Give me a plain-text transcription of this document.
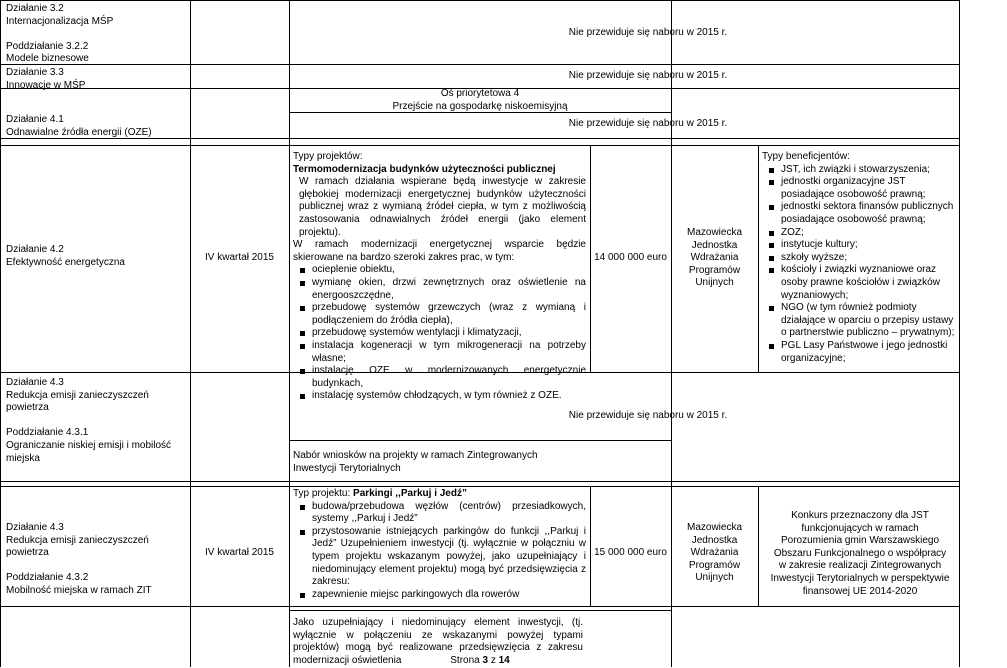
Działanie 3.2
Internacjonalizacja MŚP
Poddziałanie 3.2.2
Modele biznesowe
Nie przewiduje się naboru w 2015 r.
Działanie 3.3
Innowacje w MŚP
Nie przewiduje się naboru w 2015 r.
Oś priorytetowa 4
Przejście na gospodarkę niskoemisyjną
Działanie 4.1
Odnawialne źródła energii (OZE)
Nie przewiduje się naboru w 2015 r.
Działanie 4.2
Efektywność energetyczna	IV kwartał 2015
Typy projektów:
Termomodernizacja budynków użyteczności publicznej
W ramach działania wspierane będą inwestycje w zakresie głębokiej modernizacji energetycznej budynków użyteczności publicznej wraz z wymianą źródeł ciepła, w tym z możliwością zastosowania odnawialnych źródeł energii (jako element projektu).
W ramach modernizacji energetycznej wsparcie będzie skierowane na bardzo szeroki zakres prac, w tym:
ocieplenie obiektu,
wymianę okien, drzwi zewnętrznych oraz oświetlenie na energooszczędne,
przebudowę systemów grzewczych (wraz z wymianą i podłączeniem do źródła ciepła),
przebudowę systemów wentylacji i klimatyzacji,
instalacja kogeneracji w tym mikrogeneracji na potrzeby własne;
instalację OZE w modernizowanych energetycznie budynkach,
instalację systemów chłodzących, w tym również z OZE.
14 000 000 euro
Mazowiecka
Jednostka
Wdrażania
Programów
Unijnych
Typy beneficjentów:
JST, ich związki i stowarzyszenia;
jednostki organizacyjne JST posiadające osobowość prawną;
jednostki sektora finansów publicznych posiadające osobowość prawną;
ZOZ;
instytucje kultury;
szkoły wyższe;
kościoły i związki wyznaniowe oraz osoby prawne kościołów i związków wyznaniowych;
NGO (w tym również podmioty działające w oparciu o przepisy ustawy o partnerstwie publiczno – prywatnym);
PGL Lasy Państwowe i jego jednostki organizacyjne;
Działanie 4.3
Redukcja emisji zanieczyszczeń powietrza
Poddziałanie 4.3.1
Ograniczanie niskiej emisji i mobilość
miejska
Nie przewiduje się naboru w 2015 r.
Nabór wniosków na projekty w ramach Zintegrowanych Inwestycji Terytorialnych
Działanie 4.3
Redukcja emisji zanieczyszczeń powietrza
Poddziałanie 4.3.2
Mobilność miejska w ramach ZIT
IV kwartał 2015
Typ projektu: Parkingi ,,Parkuj i Jedź”
budowa/przebudowa węzłów (centrów) przesiadkowych, systemy ,,Parkuj i Jedź”
przystosowanie istniejących parkingów do funkcji ,,Parkuj i Jedź” Uzupełnieniem inwestycji (tj. wyłącznie w połączniu w typem projektu wskazanym powyżej, jako uzupełniający i niedominujący element projektu) mogą być przedsięwzięcia z zakresu:
zapewnienie miejsc parkingowych dla rowerów
15 000 000 euro
Mazowiecka
Jednostka
Wdrażania
Programów
Unijnych
Konkurs przeznaczony dla JST funkcjonujących w ramach Porozumienia gmin Warszawskiego Obszaru Funkcjonalnego o współpracy w zakresie realizacji Zintegrowanych Inwestycji Terytorialnych w perspektywie finansowej UE 2014-2020
Jako uzupełniający i niedominujący element inwestycji, (tj. wyłącznie w połączeniu ze wskazanymi powyżej typami projektów) mogą być realizowane przedsięwzięcia z zakresu modernizacji oświetlenia	Strona 3 z 14
